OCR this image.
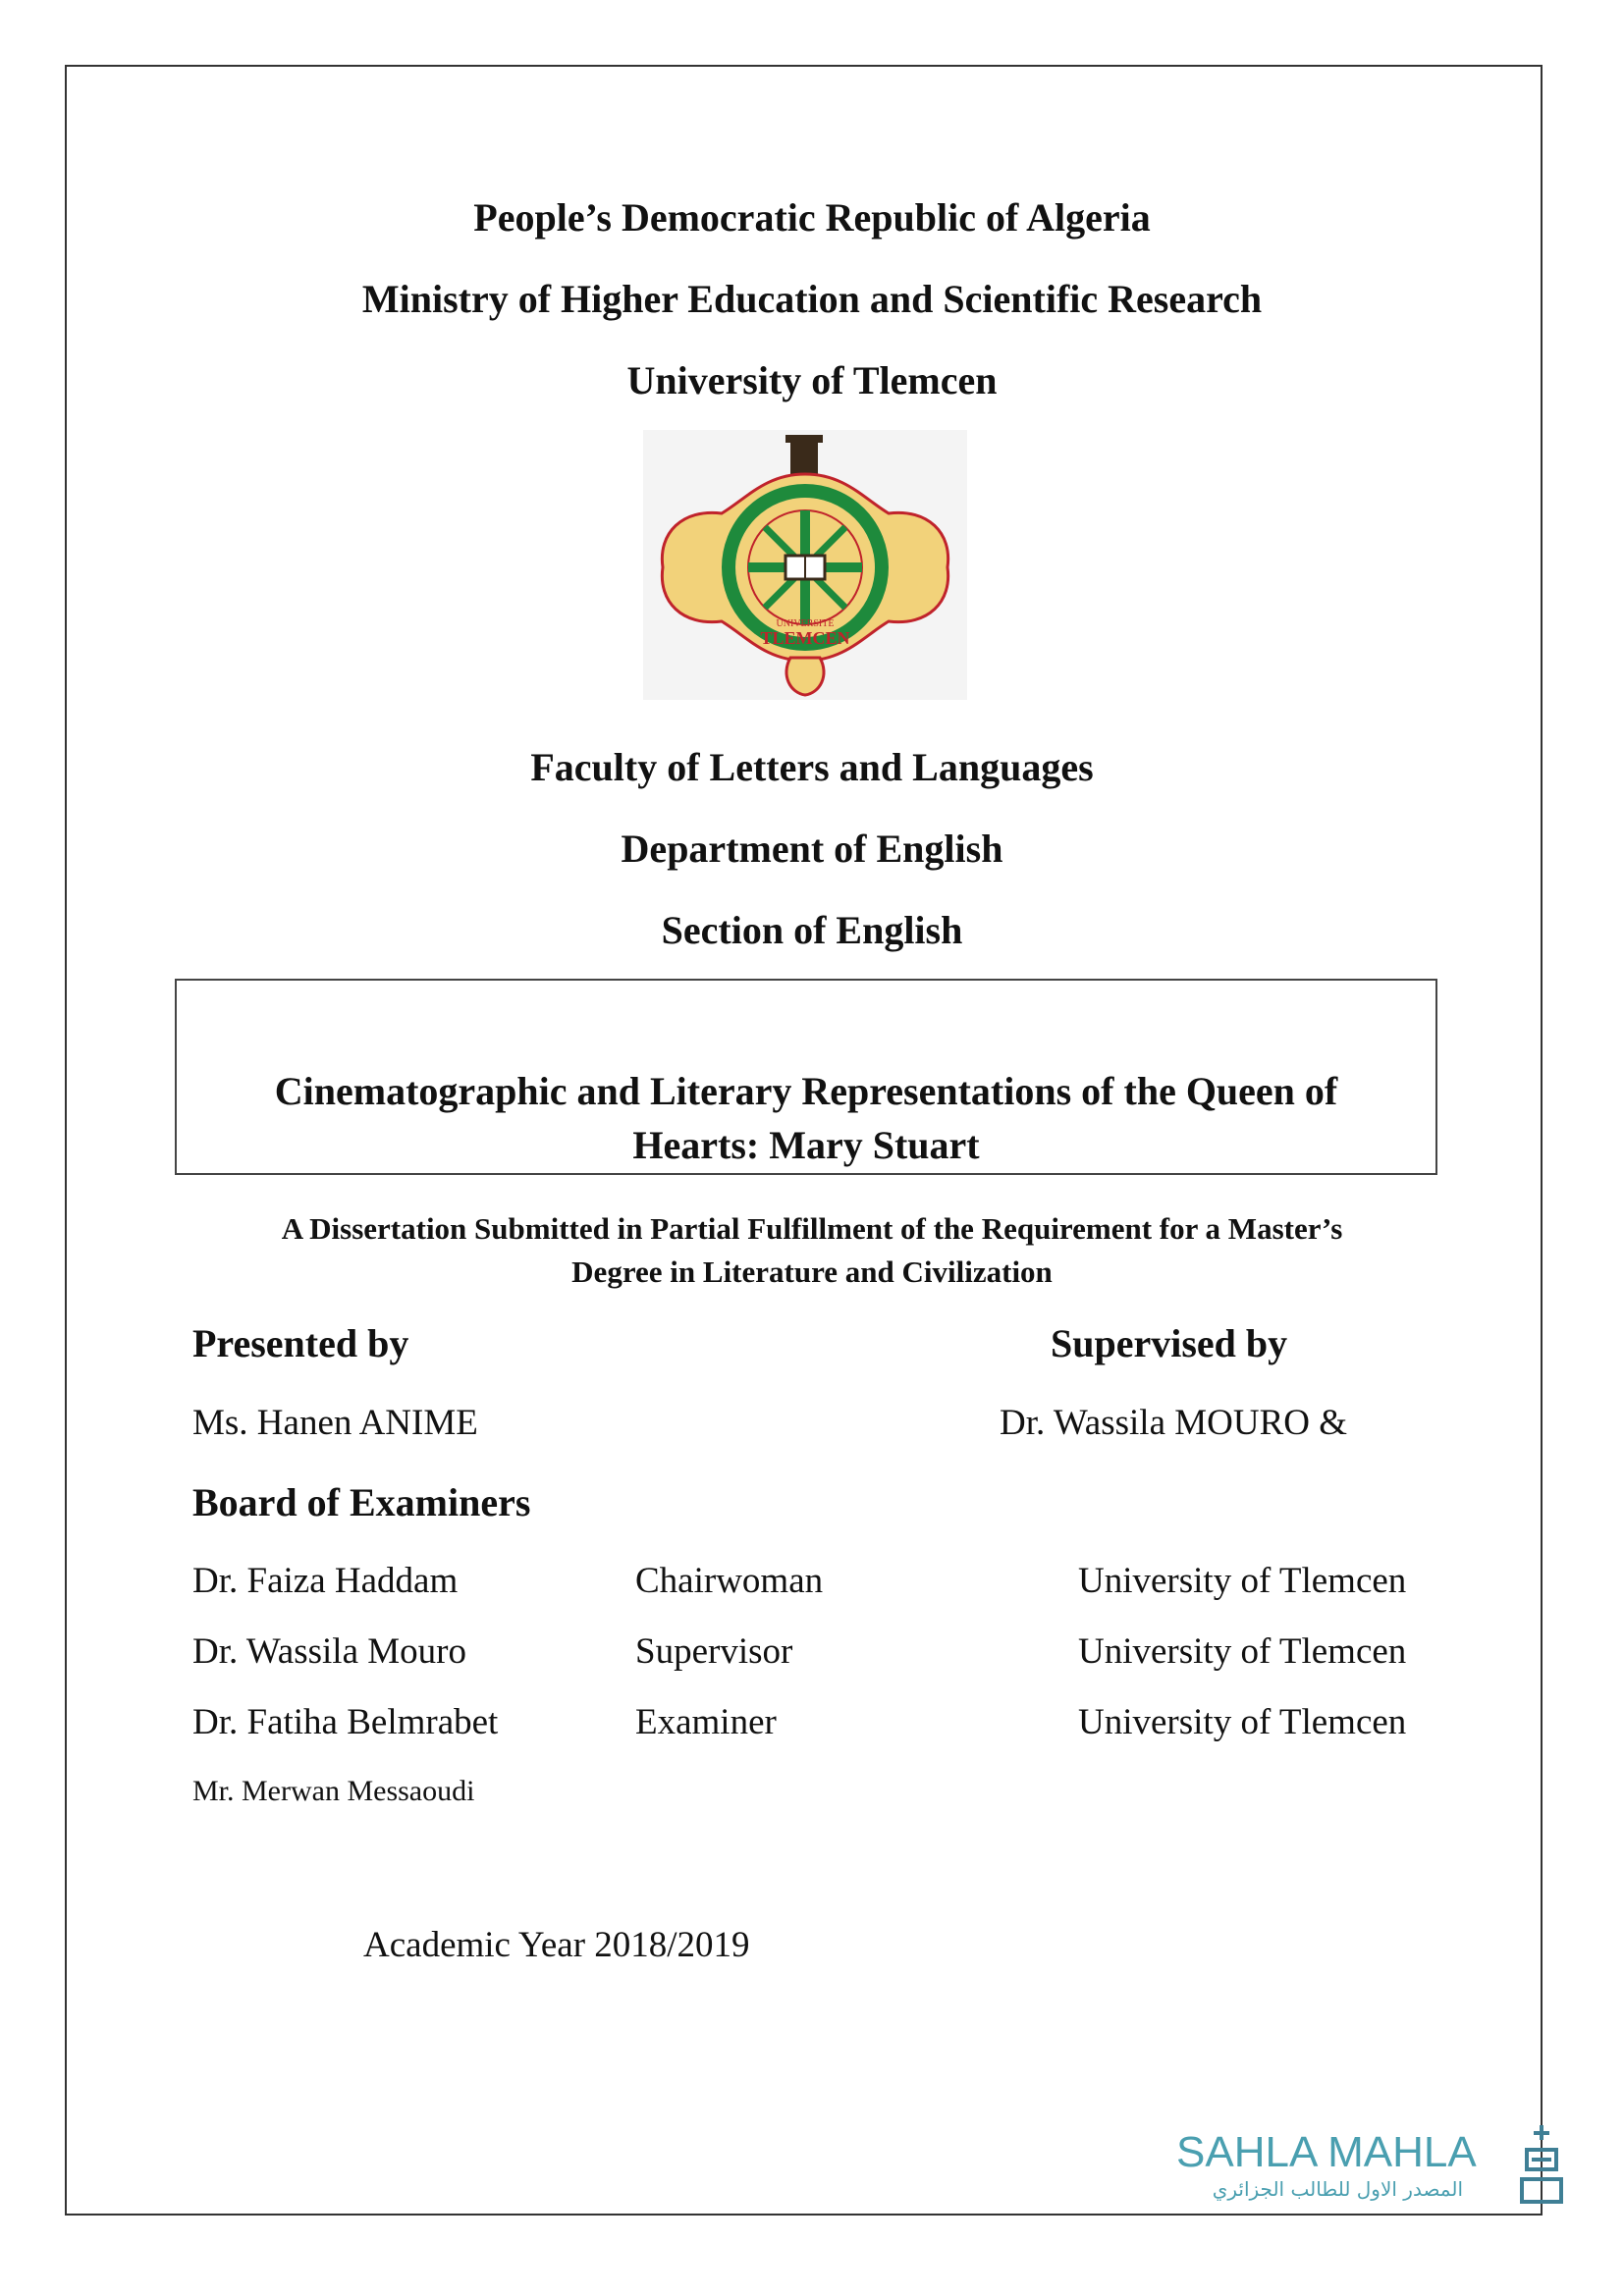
People’s Democratic Republic of Algeria
Ministry of Higher Education and Scientific Research
University of Tlemcen
UNIVERSITÉ
TLEMCEN
Faculty of Letters and Languages
Department of English
Section of English
Cinematographic and Literary Representations of the Queen of
Hearts: Mary Stuart
A Dissertation Submitted in Partial Fulfillment of the Requirement for a Master’s
Degree in Literature and Civilization
Presented by	Supervised by
Ms. Hanen ANIME	Dr. Wassila MOURO &
Board of Examiners
Dr. Faiza Haddam	Chairwoman	University of Tlemcen
Dr. Wassila Mouro	Supervisor	University of Tlemcen
Dr. Fatiha Belmrabet	Examiner	University of Tlemcen
Mr. Merwan Messaoudi
Academic Year 2018/2019
SAHLA MAHLA
المصدر الاول للطالب الجزائري
